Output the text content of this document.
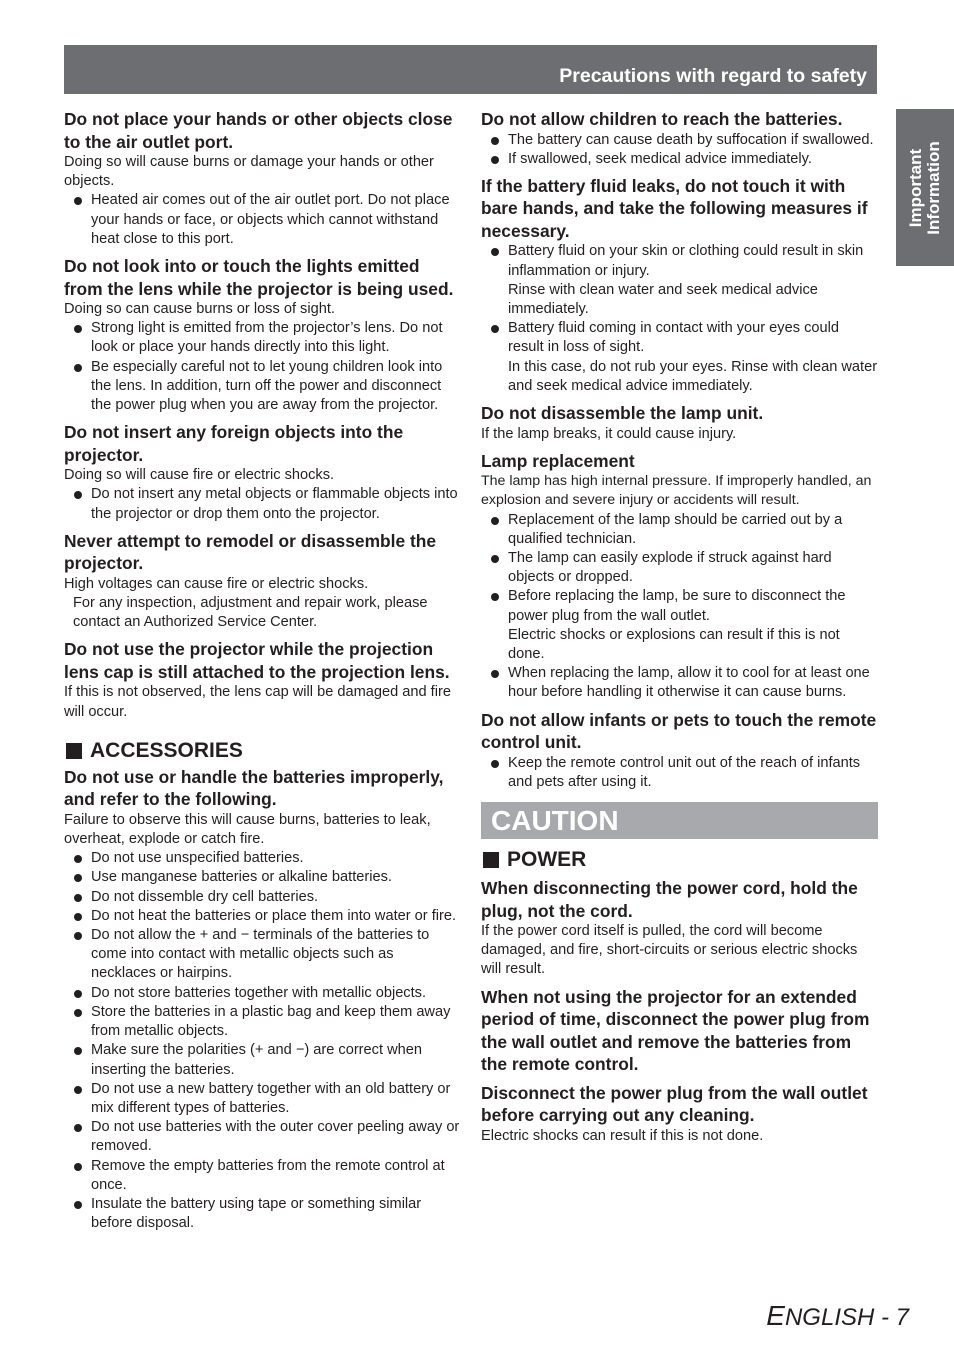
Precautions with regard to safety
Important Information

Do not place your hands or other objects close to the air outlet port.

Doing so will cause burns or damage your hands or other objects.

Heated air comes out of the air outlet port. Do not place your hands or face, or objects which cannot withstand heat close to this port.

Do not look into or touch the lights emitted from the lens while the projector is being used.

Doing so can cause burns or loss of sight.

Strong light is emitted from the projector’s lens. Do not look or place your hands directly into this light.
Be especially careful not to let young children look into the lens. In addition, turn off the power and disconnect the power plug when you are away from the projector.

Do not insert any foreign objects into the projector.

Doing so will cause fire or electric shocks.

Do not insert any metal objects or flammable objects into the projector or drop them onto the projector.

Never attempt to remodel or disassemble the projector.

High voltages can cause fire or electric shocks.

For any inspection, adjustment and repair work, please contact an Authorized Service Center.

Do not use the projector while the projection lens cap is still attached to the projection lens.

If this is not observed, the lens cap will be damaged and fire will occur.

ACCESSORIES

Do not use or handle the batteries improperly, and refer to the following.

Failure to observe this will cause burns, batteries to leak, overheat, explode or catch fire.

Do not use unspecified batteries.
Use manganese batteries or alkaline batteries.
Do not dissemble dry cell batteries.
Do not heat the batteries or place them into water or fire.
Do not allow the + and − terminals of the batteries to come into contact with metallic objects such as necklaces or hairpins.
Do not store batteries together with metallic objects.
Store the batteries in a plastic bag and keep them away from metallic objects.
Make sure the polarities (+ and −) are correct when inserting the batteries.
Do not use a new battery together with an old battery or mix different types of batteries.
Do not use batteries with the outer cover peeling away or removed.
Remove the empty batteries from the remote control at once.
Insulate the battery using tape or something similar before disposal.

Do not allow children to reach the batteries.

The battery can cause death by suffocation if swallowed.
If swallowed, seek medical advice immediately.

If the battery fluid leaks, do not touch it with bare hands, and take the following measures if necessary.

Battery fluid on your skin or clothing could result in skin inflammation or injury.
Rinse with clean water and seek medical advice immediately.
Battery fluid coming in contact with your eyes could result in loss of sight.
In this case, do not rub your eyes. Rinse with clean water and seek medical advice immediately.

Do not disassemble the lamp unit.

If the lamp breaks, it could cause injury.

Lamp replacement

The lamp has high internal pressure. If improperly handled, an explosion and severe injury or accidents will result.

Replacement of the lamp should be carried out by a qualified technician.
The lamp can easily explode if struck against hard objects or dropped.
Before replacing the lamp, be sure to disconnect the power plug from the wall outlet.
Electric shocks or explosions can result if this is not done.
When replacing the lamp, allow it to cool for at least one hour before handling it otherwise it can cause burns.

Do not allow infants or pets to touch the remote control unit.

Keep the remote control unit out of the reach of infants and pets after using it.
CAUTION

POWER

When disconnecting the power cord, hold the plug, not the cord.

If the power cord itself is pulled, the cord will become damaged, and fire, short-circuits or serious electric shocks will result.

When not using the projector for an extended period of time, disconnect the power plug from the wall outlet and remove the batteries from the remote control.

Disconnect the power plug from the wall outlet before carrying out any cleaning.

Electric shocks can result if this is not done.

ENGLISH - 7
